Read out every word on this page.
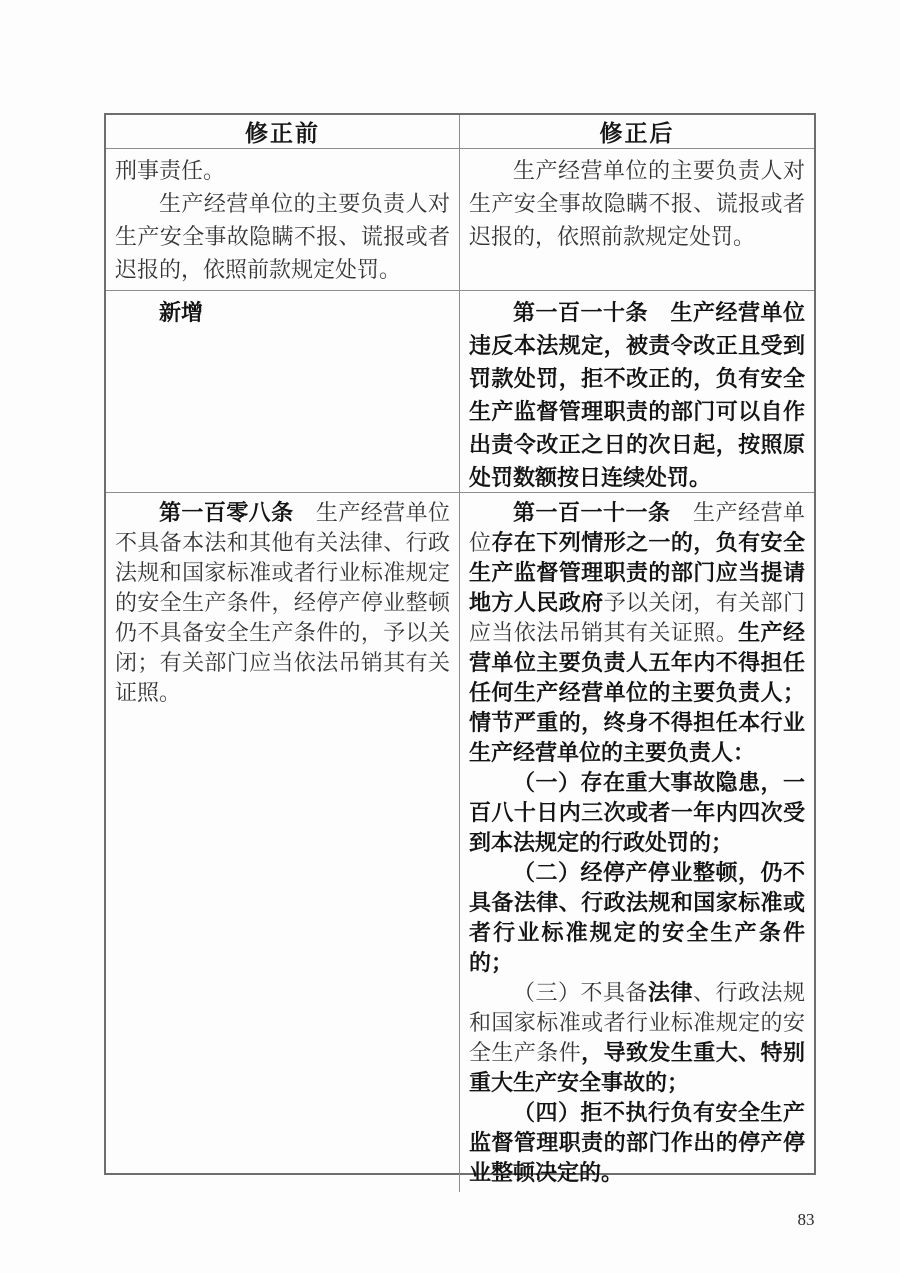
修正前	修正后

刑事责任。

生产经营单位的主要负责人对生产安全事故隐瞒不报、谎报或者迟报的，依照前款规定处罚。

生产经营单位的主要负责人对生产安全事故隐瞒不报、谎报或者迟报的，依照前款规定处罚。

新增	第一百一十条　 生产经营单位违反本法规定，被责令改正且受到罚款处罚，拒不改正的，负有安全生产监督管理职责的部门可以自作出责令改正之日的次日起，按照原处罚数额按日连续处罚。

第一百零八条　生产经营单位不具备本法和其他有关法律、行政法规和国家标准或者行业标准规定的安全生产条件，经停产停业整顿仍不具备安全生产条件的，予以关闭；有关部门应当依法吊销其有关证照。

第一百一十一条　生产经营单位存在下列情形之一的，负有安全生产监督管理职责的部门应当提请地方人民政府予以关闭，有关部门应当依法吊销其有关证照。生产经营单位主要负责人五年内不得担任任何生产经营单位的主要负责人；情节严重的，终身不得担任本行业生产经营单位的主要负责人：

（一）存在重大事故隐患，一百八十日内三次或者一年内四次受到本法规定的行政处罚的；

（二）经停产停业整顿，仍不具备法律、行政法规和国家标准或者行业标准规定的安全生产条件的；

（三）不具备法律、行政法规和国家标准或者行业标准规定的安全生产条件，导致发生重大、特别重大生产安全事故的；

（四）拒不执行负有安全生产监督管理职责的部门作出的停产停业整顿决定的。

83
